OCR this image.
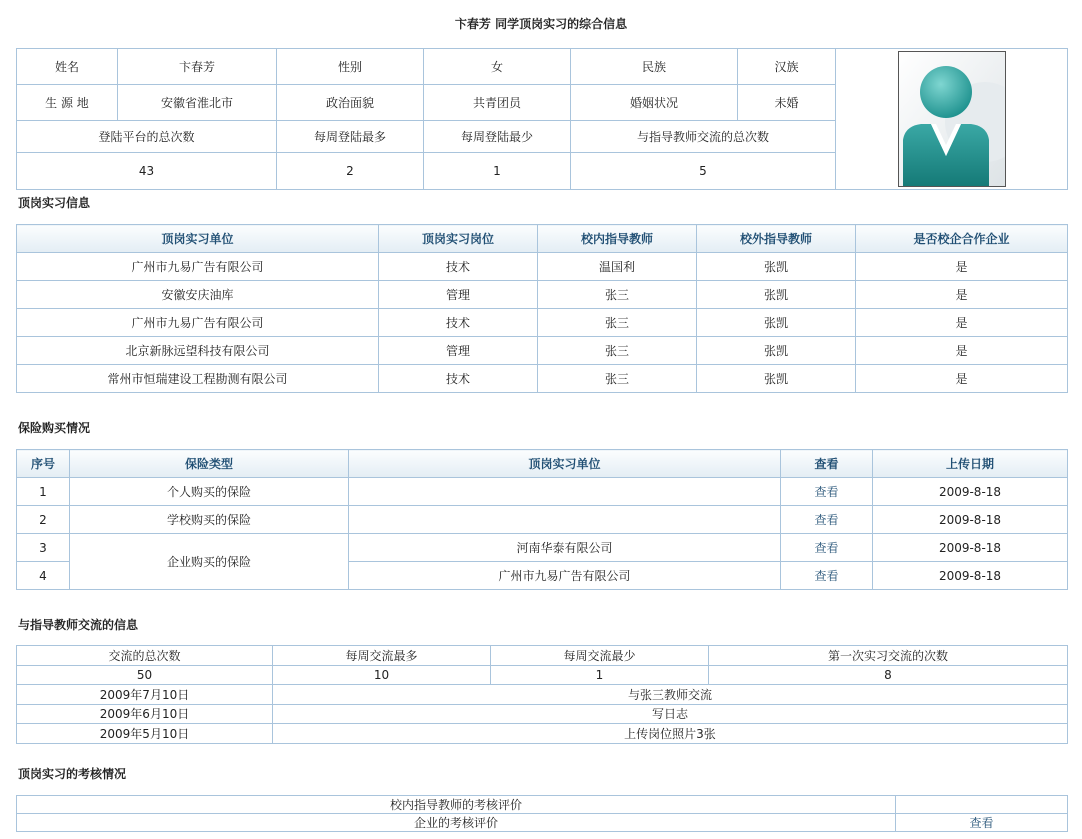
卞春芳 同学顶岗实习的综合信息
姓名	卞春芳	性别	女	民族	汉族	
生 源 地	安徽省淮北市	政治面貌	共青团员	婚姻状况	未婚	
登陆平台的总次数		每周登陆最多	每周登陆最少	与指导教师交流的总次数		
43		2	1	5		
顶岗实习信息
顶岗实习单位	顶岗实习岗位	校内指导教师	校外指导教师	是否校企合作企业
广州市九易广告有限公司	技术	温国利	张凯	是
安徽安庆油库	管理	张三	张凯	是
广州市九易广告有限公司	技术	张三	张凯	是
北京新脉远望科技有限公司	管理	张三	张凯	是
常州市恒瑞建设工程勘测有限公司	技术	张三	张凯	是
保险购买情况
序号	保险类型	顶岗实习单位	查看	上传日期
1	个人购买的保险		查看	2009-8-18
2	学校购买的保险		查看	2009-8-18
3	企业购买的保险	河南华泰有限公司	查看	2009-8-18
4		广州市九易广告有限公司	查看	2009-8-18
与指导教师交流的信息
交流的总次数	每周交流最多	每周交流最少	第一次实习交流的次数
50	10	1	8
2009年7月10日	与张三教师交流		
2009年6月10日	写日志		
2009年5月10日	上传岗位照片3张		
顶岗实习的考核情况
校内指导教师的考核评价	
企业的考核评价	查看
